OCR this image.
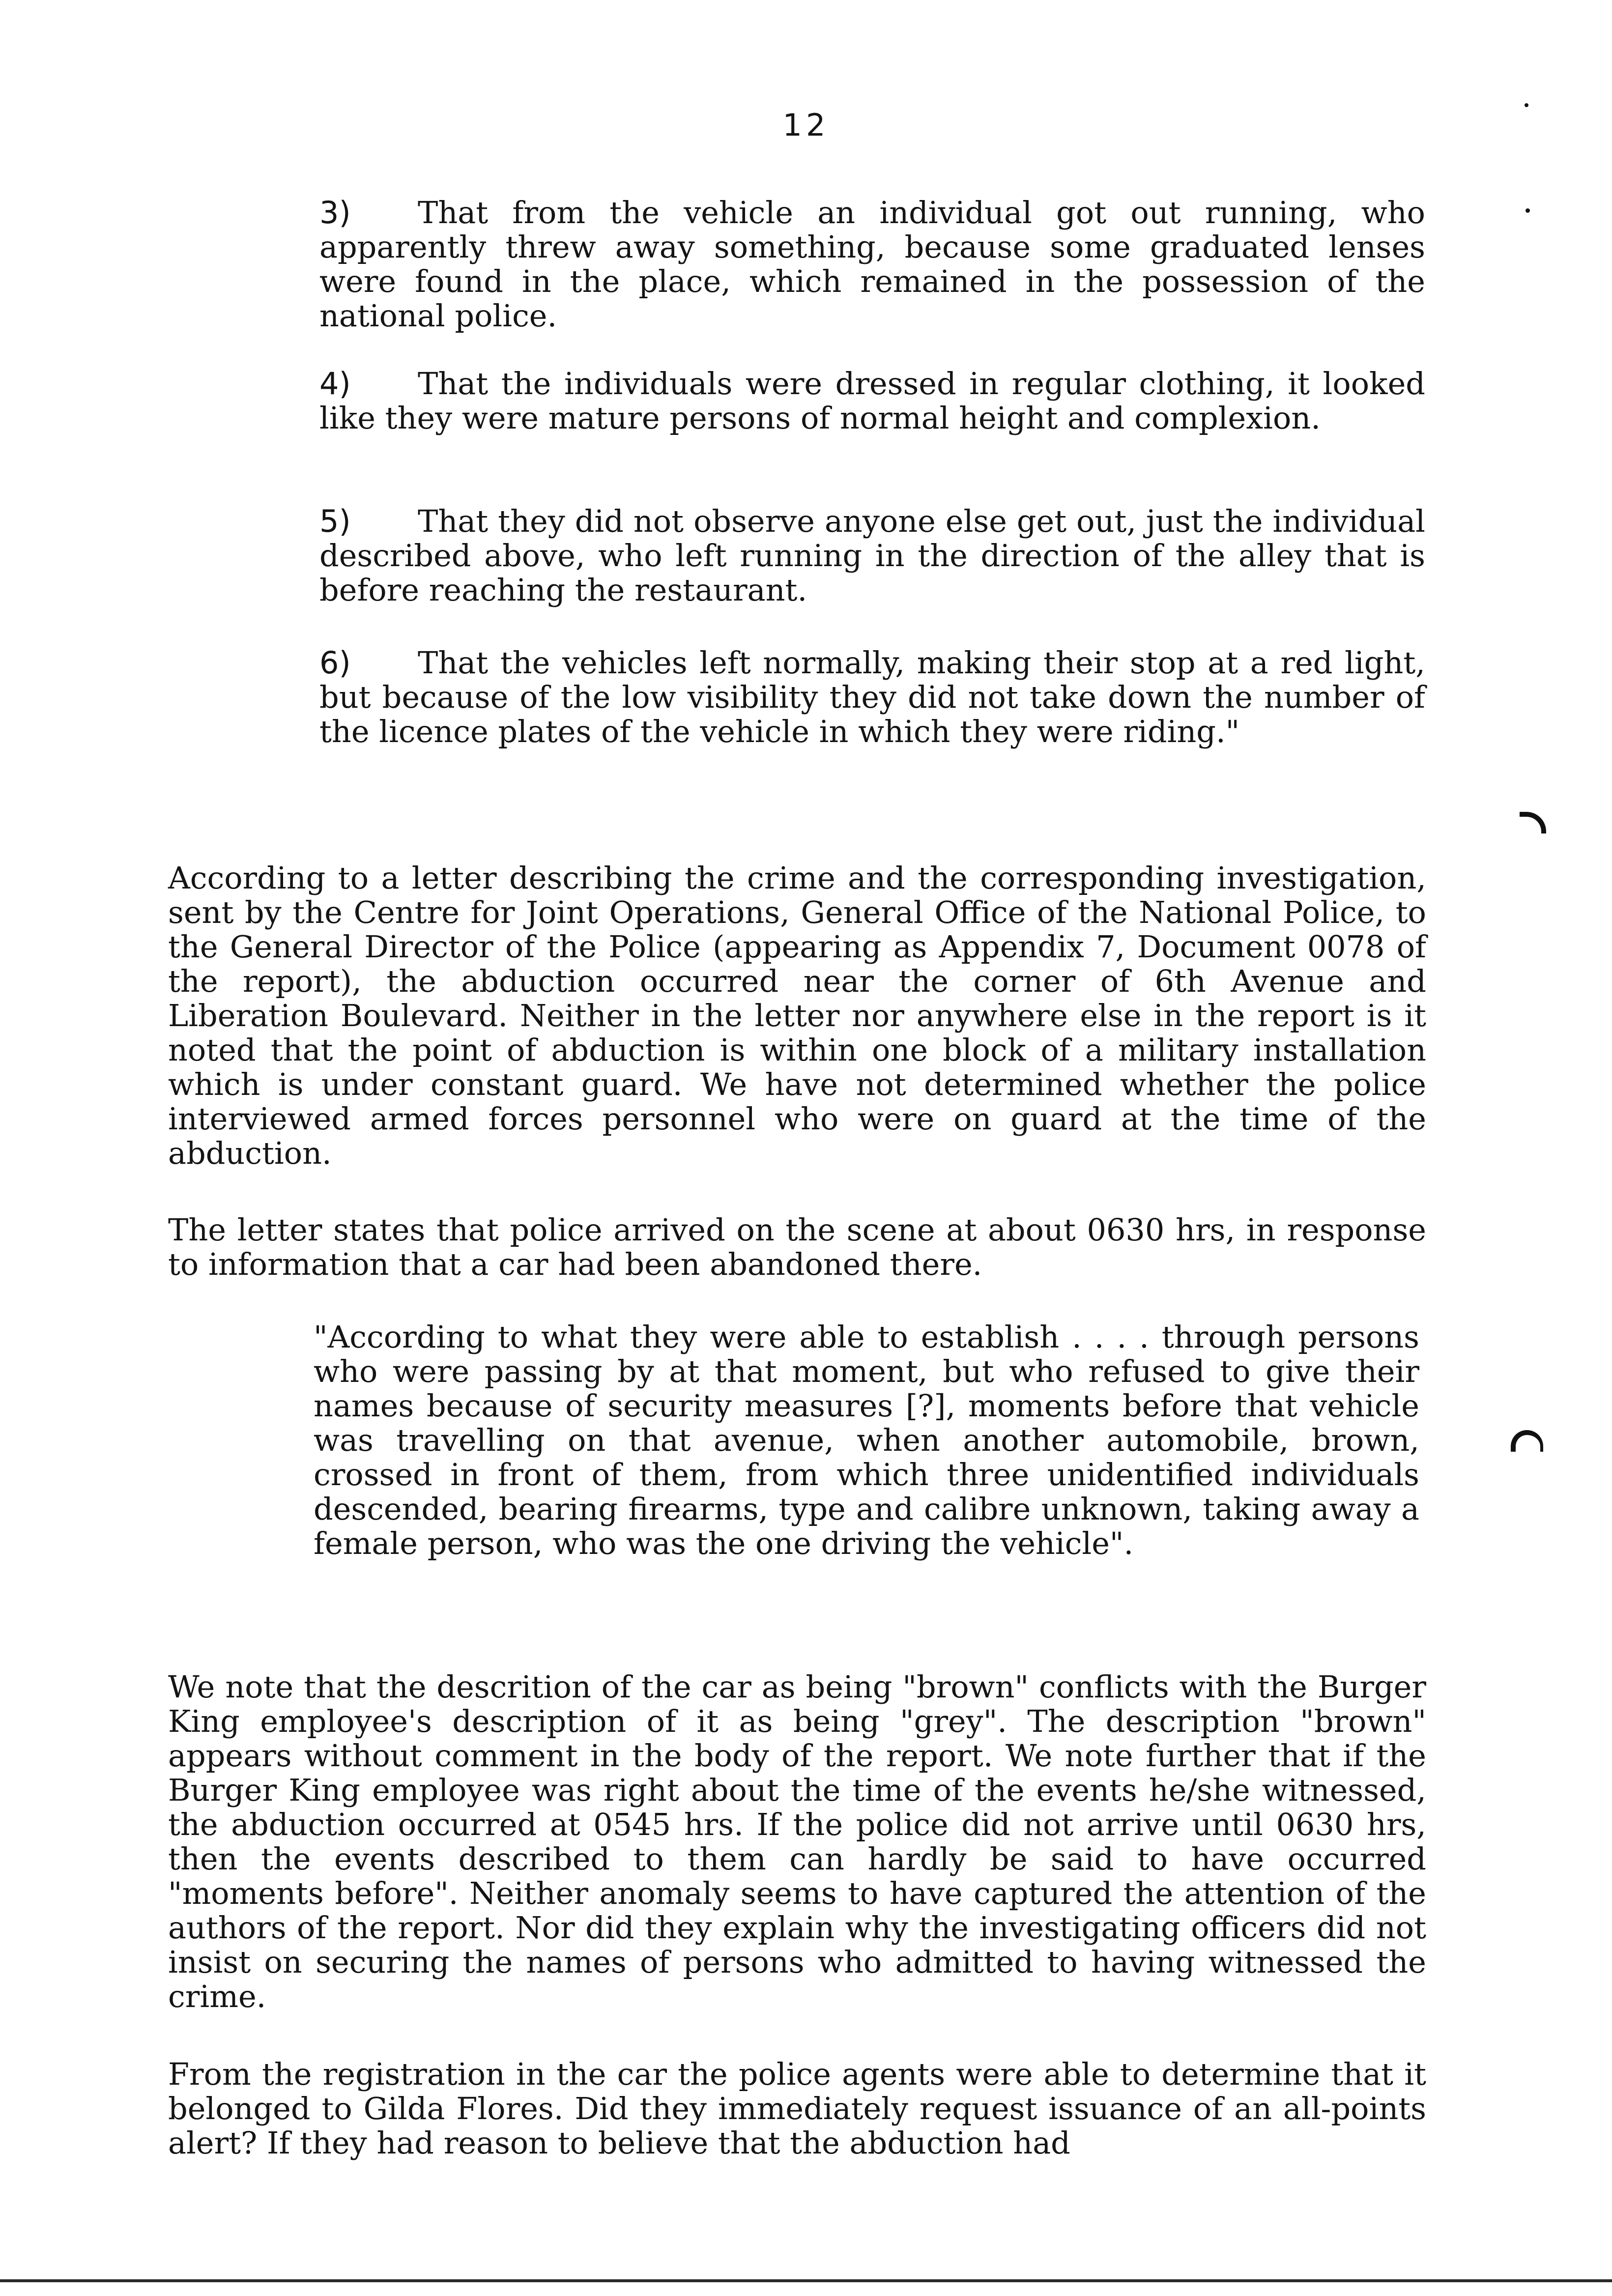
12
3) That from the vehicle an individual got out running, who apparently threw away something, because some graduated lenses were found in the place, which remained in the possession of the national police.
4) That the individuals were dressed in regular clothing, it looked like they were mature persons of normal height and complexion.
5) That they did not observe anyone else get out, just the individual described above, who left running in the direction of the alley that is before reaching the restaurant.
6) That the vehicles left normally, making their stop at a red light, but because of the low visibility they did not take down the number of the licence plates of the vehicle in which they were riding."
According to a letter describing the crime and the corresponding investigation, sent by the Centre for Joint Operations, General Office of the National Police, to the General Director of the Police (appearing as Appendix 7, Document 0078 of the report), the abduction occurred near the corner of 6th Avenue and Liberation Boulevard. Neither in the letter nor anywhere else in the report is it noted that the point of abduction is within one block of a military installation which is under constant guard. We have not determined whether the police interviewed armed forces personnel who were on guard at the time of the abduction.
The letter states that police arrived on the scene at about 0630 hrs, in response to information that a car had been abandoned there.
"According to what they were able to establish . . . . through persons who were passing by at that moment, but who refused to give their names because of security measures [?], moments before that vehicle was travelling on that avenue, when another automobile, brown, crossed in front of them, from which three unidentified individuals descended, bearing firearms, type and calibre unknown, taking away a female person, who was the one driving the vehicle".
We note that the descrition of the car as being "brown" conflicts with the Burger King employee's description of it as being "grey". The description "brown" appears without comment in the body of the report. We note further that if the Burger King employee was right about the time of the events he/she witnessed, the abduction occurred at 0545 hrs. If the police did not arrive until 0630 hrs, then the events described to them can hardly be said to have occurred "moments before". Neither anomaly seems to have captured the attention of the authors of the report. Nor did they explain why the investigating officers did not insist on securing the names of persons who admitted to having witnessed the crime.
From the registration in the car the police agents were able to determine that it belonged to Gilda Flores. Did they immediately request issuance of an all-points alert? If they had reason to believe that the abduction had
